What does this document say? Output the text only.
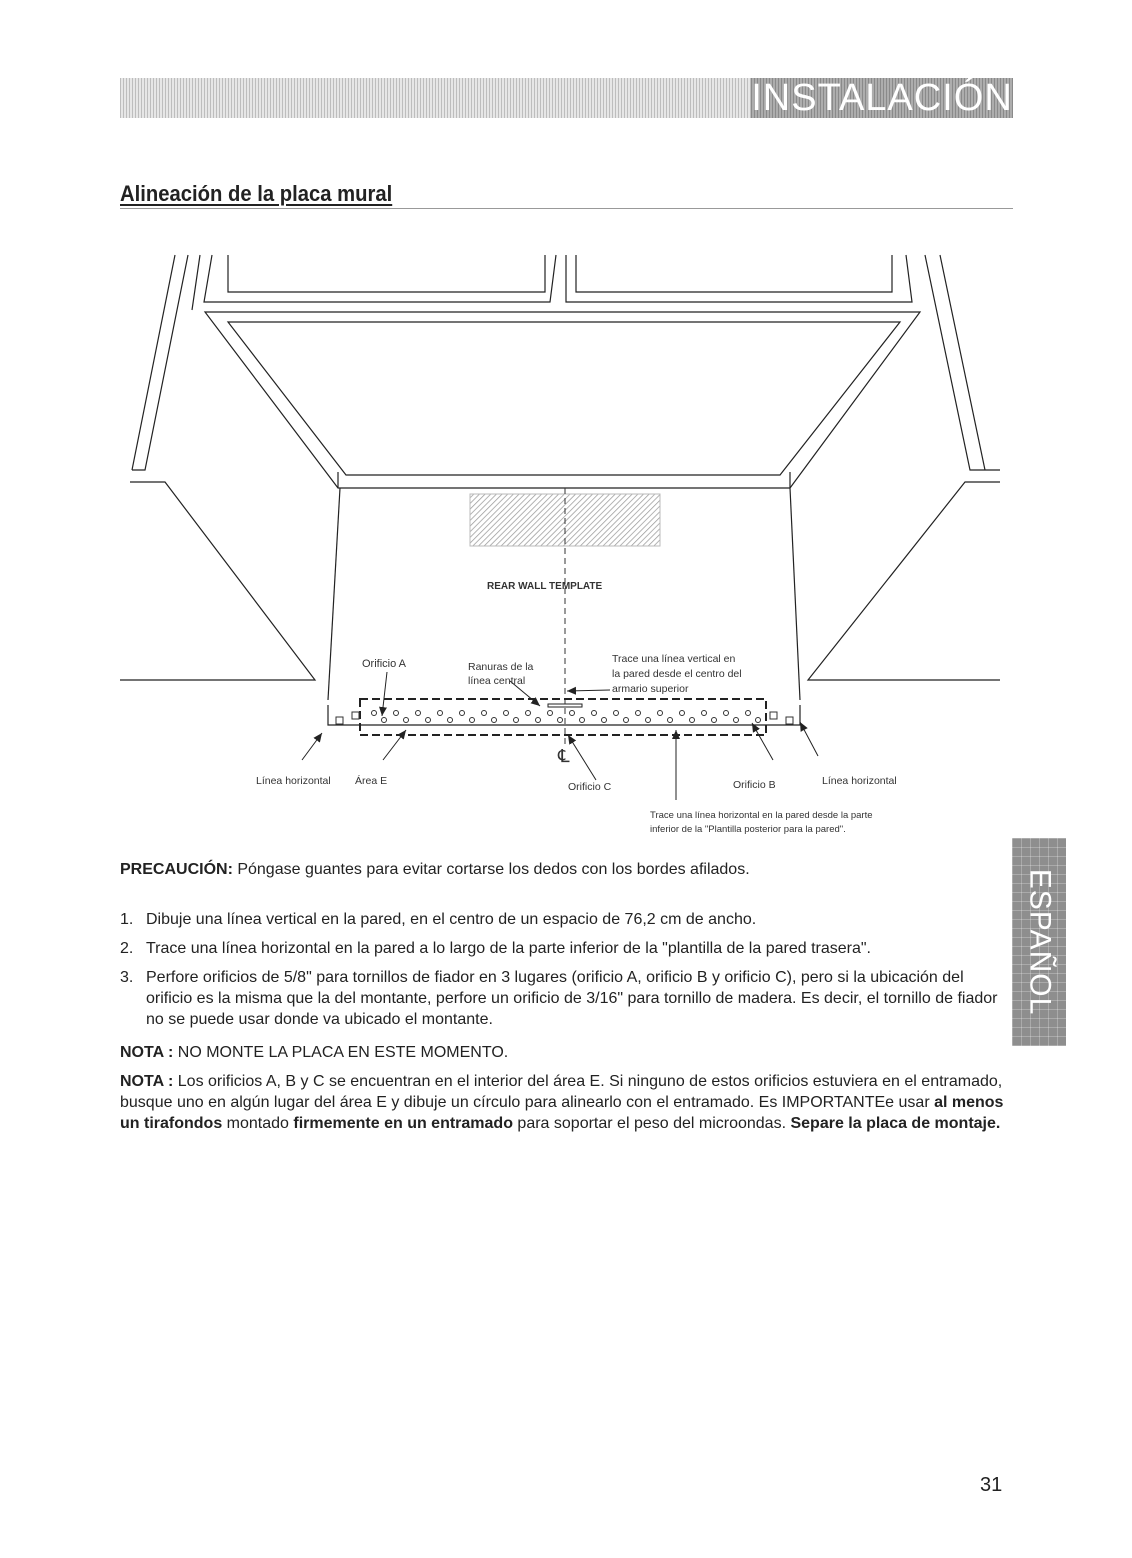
INSTALACIÓN
Alineación de la placa mural
REAR WALL TEMPLATE
℄
Orificio A	Ranuras de la
línea central
Trace una línea vertical en
la pared desde el centro del
armario superior
Línea horizontal Área E	Orificio C	Orificio B	Línea horizontal
Trace una línea horizontal en la pared desde la parte
inferior de la "Plantilla posterior para la pared".
PRECAUCIÓN: Póngase guantes para evitar cortarse los dedos con los bordes afilados.
1. Dibuje una línea vertical en la pared, en el centro de un espacio de 76,2 cm de ancho.
2. Trace una línea horizontal en la pared a lo largo de la parte inferior de la "plantilla de la pared trasera".
3. Perfore orificios de 5/8" para tornillos de fiador en 3 lugares (orificio A, orificio B y orificio C), pero si la ubicación del orificio es la misma que la del montante, perfore un orificio de 3/16" para tornillo de madera. Es decir, el tornillo de fiador no se puede usar donde va ubicado el montante.
NOTA : NO MONTE LA PLACA EN ESTE MOMENTO.
NOTA : Los orificios A, B y C se encuentran en el interior del área E. Si ninguno de estos orificios estuviera en el entramado, busque uno en algún lugar del área E y dibuje un círculo para alinearlo con el entramado. Es IMPORTANTEe usar al menos un tirafondos montado firmemente en un entramado para soportar el peso del microondas. Separe la placa de montaje.
ESPAÑOL
31
